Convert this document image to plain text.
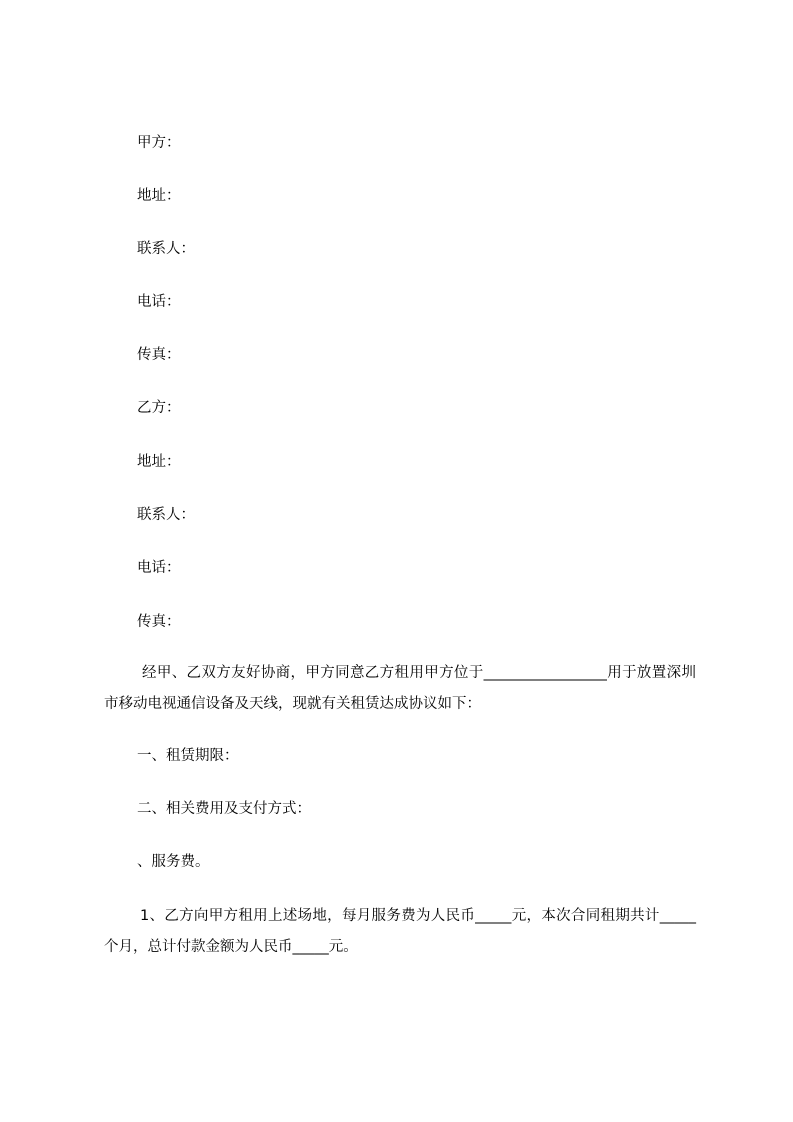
甲方：
地址：
联系人：
电话：
传真：
乙方：
地址：
联系人：
电话：
传真：
经甲、乙双方友好协商，甲方同意乙方租用甲方位于_________________用于放置深圳市移动电视通信设备及天线，现就有关租赁达成协议如下：
一、租赁期限：
二、相关费用及支付方式：
、服务费。
1、乙方向甲方租用上述场地，每月服务费为人民币_____元，本次合同租期共计_____个月，总计付款金额为人民币_____元。
